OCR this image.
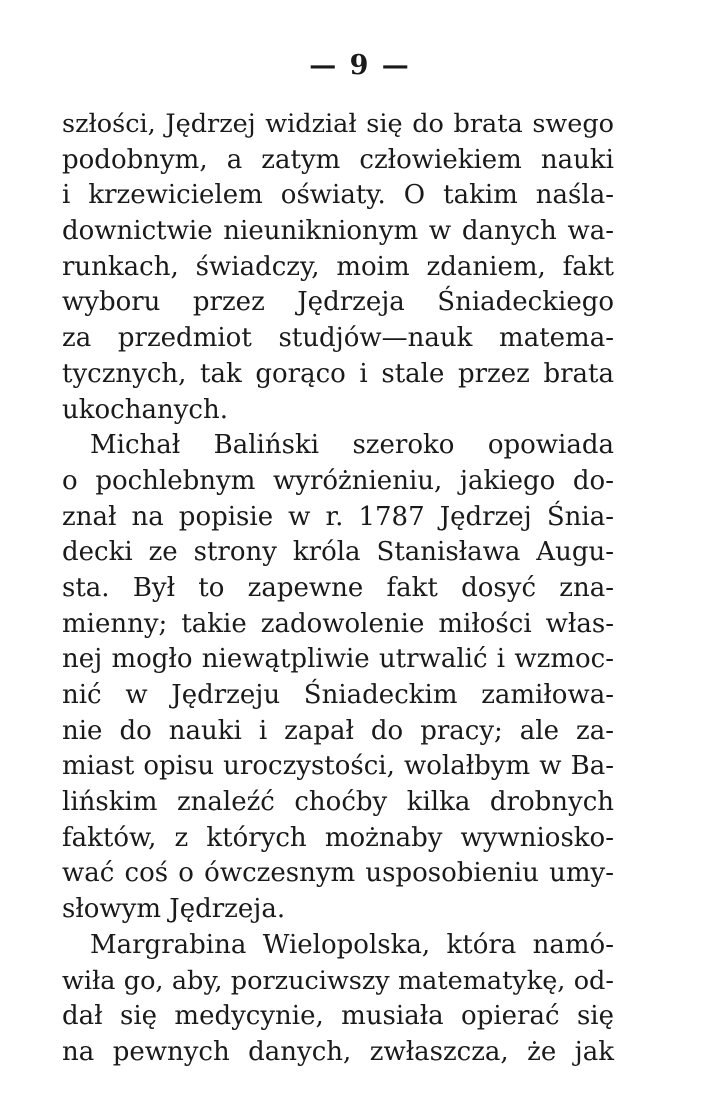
— 9 —
szłości, Jędrzej widział się do brata swego
podobnym, a zatym człowiekiem nauki
i krzewicielem oświaty. O takim naśla-
downictwie nieuniknionym w danych wa-
runkach, świadczy, moim zdaniem, fakt
wyboru przez Jędrzeja Śniadeckiego
za przedmiot studjów—nauk matema-
tycznych, tak gorąco i stale przez brata
ukochanych.
Michał Baliński szeroko opowiada
o pochlebnym wyróżnieniu, jakiego do-
znał na popisie w r. 1787 Jędrzej Śnia-
decki ze strony króla Stanisława Augu-
sta. Był to zapewne fakt dosyć zna-
mienny; takie zadowolenie miłości włas-
nej mogło niewątpliwie utrwalić i wzmoc-
nić w Jędrzeju Śniadeckim zamiłowa-
nie do nauki i zapał do pracy; ale za-
miast opisu uroczystości, wolałbym w Ba-
lińskim znaleźć choćby kilka drobnych
faktów, z których możnaby wywniosko-
wać coś o ówczesnym usposobieniu umy-
słowym Jędrzeja.
Margrabina Wielopolska, która namó-
wiła go, aby, porzuciwszy matematykę, od-
dał się medycynie, musiała opierać się
na pewnych danych, zwłaszcza, że jak
